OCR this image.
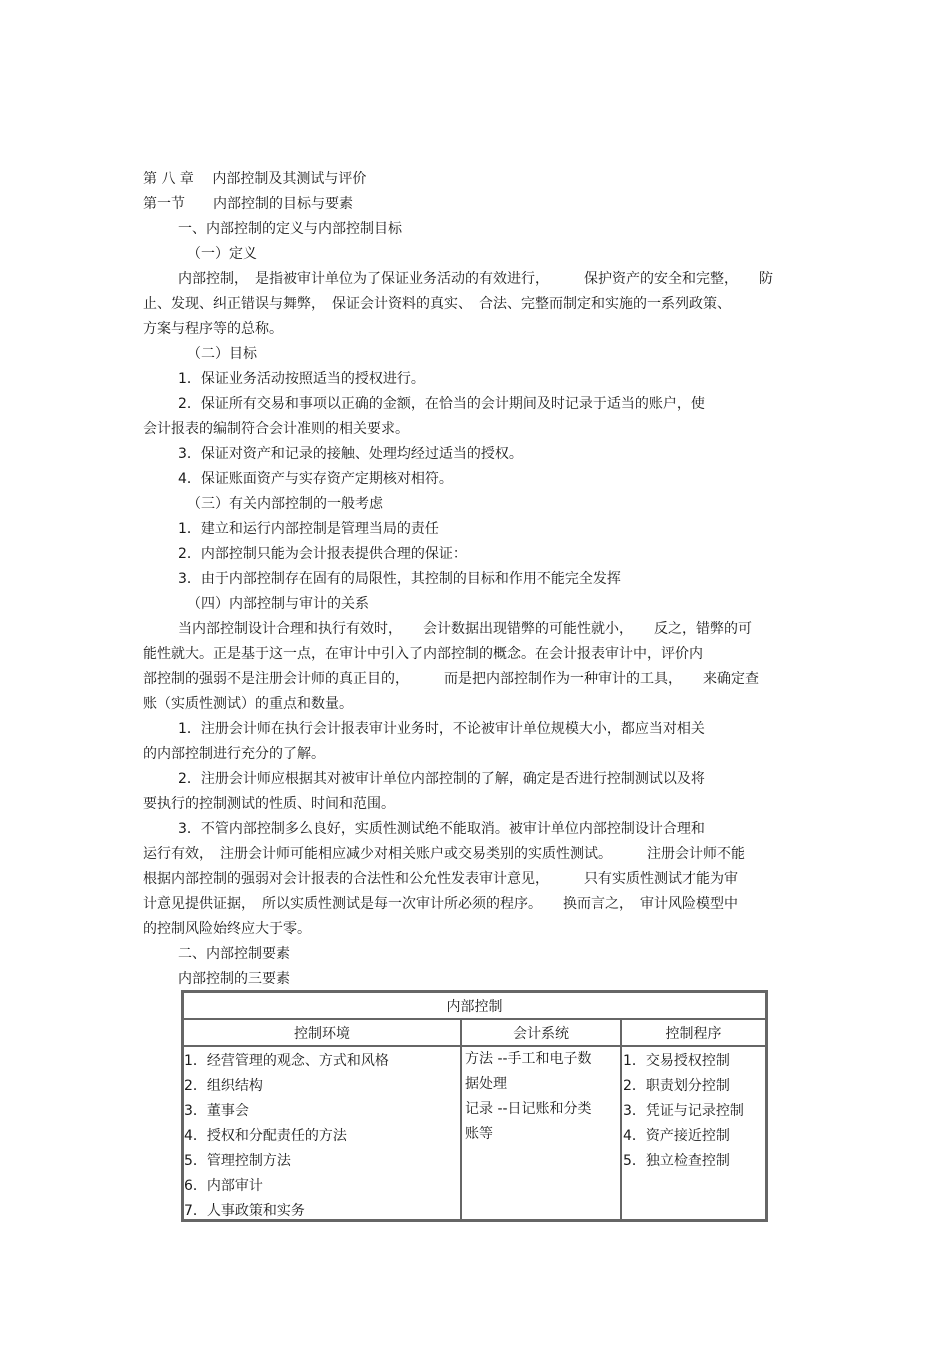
第 八 章　 内部控制及其测试与评价
第一节　　内部控制的目标与要素
一、内部控制的定义与内部控制目标
（一）定义
内部控制，　是指被审计单位为了保证业务活动的有效进行，　　　保护资产的安全和完整，　　防
止、发现、纠正错误与舞弊，　保证会计资料的真实、　合法、完整而制定和实施的一系列政策、
方案与程序等的总称。
（二）目标
1．保证业务活动按照适当的授权进行。
2．保证所有交易和事项以正确的金额，在恰当的会计期间及时记录于适当的账户，使
会计报表的编制符合会计准则的相关要求。
3．保证对资产和记录的接触、处理均经过适当的授权。
4．保证账面资产与实存资产定期核对相符。
（三）有关内部控制的一般考虑
1．建立和运行内部控制是管理当局的责任
2．内部控制只能为会计报表提供合理的保证：
3．由于内部控制存在固有的局限性，其控制的目标和作用不能完全发挥
（四）内部控制与审计的关系
当内部控制设计合理和执行有效时，　　会计数据出现错弊的可能性就小，　　反之，错弊的可
能性就大。正是基于这一点，在审计中引入了内部控制的概念。在会计报表审计中，评价内
部控制的强弱不是注册会计师的真正目的，　　　而是把内部控制作为一种审计的工具，　　来确定查
账（实质性测试）的重点和数量。
1．注册会计师在执行会计报表审计业务时，不论被审计单位规模大小，都应当对相关
的内部控制进行充分的了解。
2．注册会计师应根据其对被审计单位内部控制的了解，确定是否进行控制测试以及将
要执行的控制测试的性质、时间和范围。
3．不管内部控制多么良好，实质性测试绝不能取消。被审计单位内部控制设计合理和
运行有效，　注册会计师可能相应减少对相关账户或交易类别的实质性测试。　　　注册会计师不能
根据内部控制的强弱对会计报表的合法性和公允性发表审计意见，　　　只有实质性测试才能为审
计意见提供证据，　所以实质性测试是每一次审计所必须的程序。　　换而言之，　审计风险模型中
的控制风险始终应大于零。
二、内部控制要素
内部控制的三要素
内部控制
控制环境	会计系统	控制程序
1．经营管理的观念、方式和风格
2．组织结构
3．董事会
4．授权和分配责任的方法
5．管理控制方法
6．内部审计
7．人事政策和实务
方法 --手工和电子数
据处理
记录 --日记账和分类
账等
1．交易授权控制
2．职责划分控制
3．凭证与记录控制
4．资产接近控制
5．独立检查控制
